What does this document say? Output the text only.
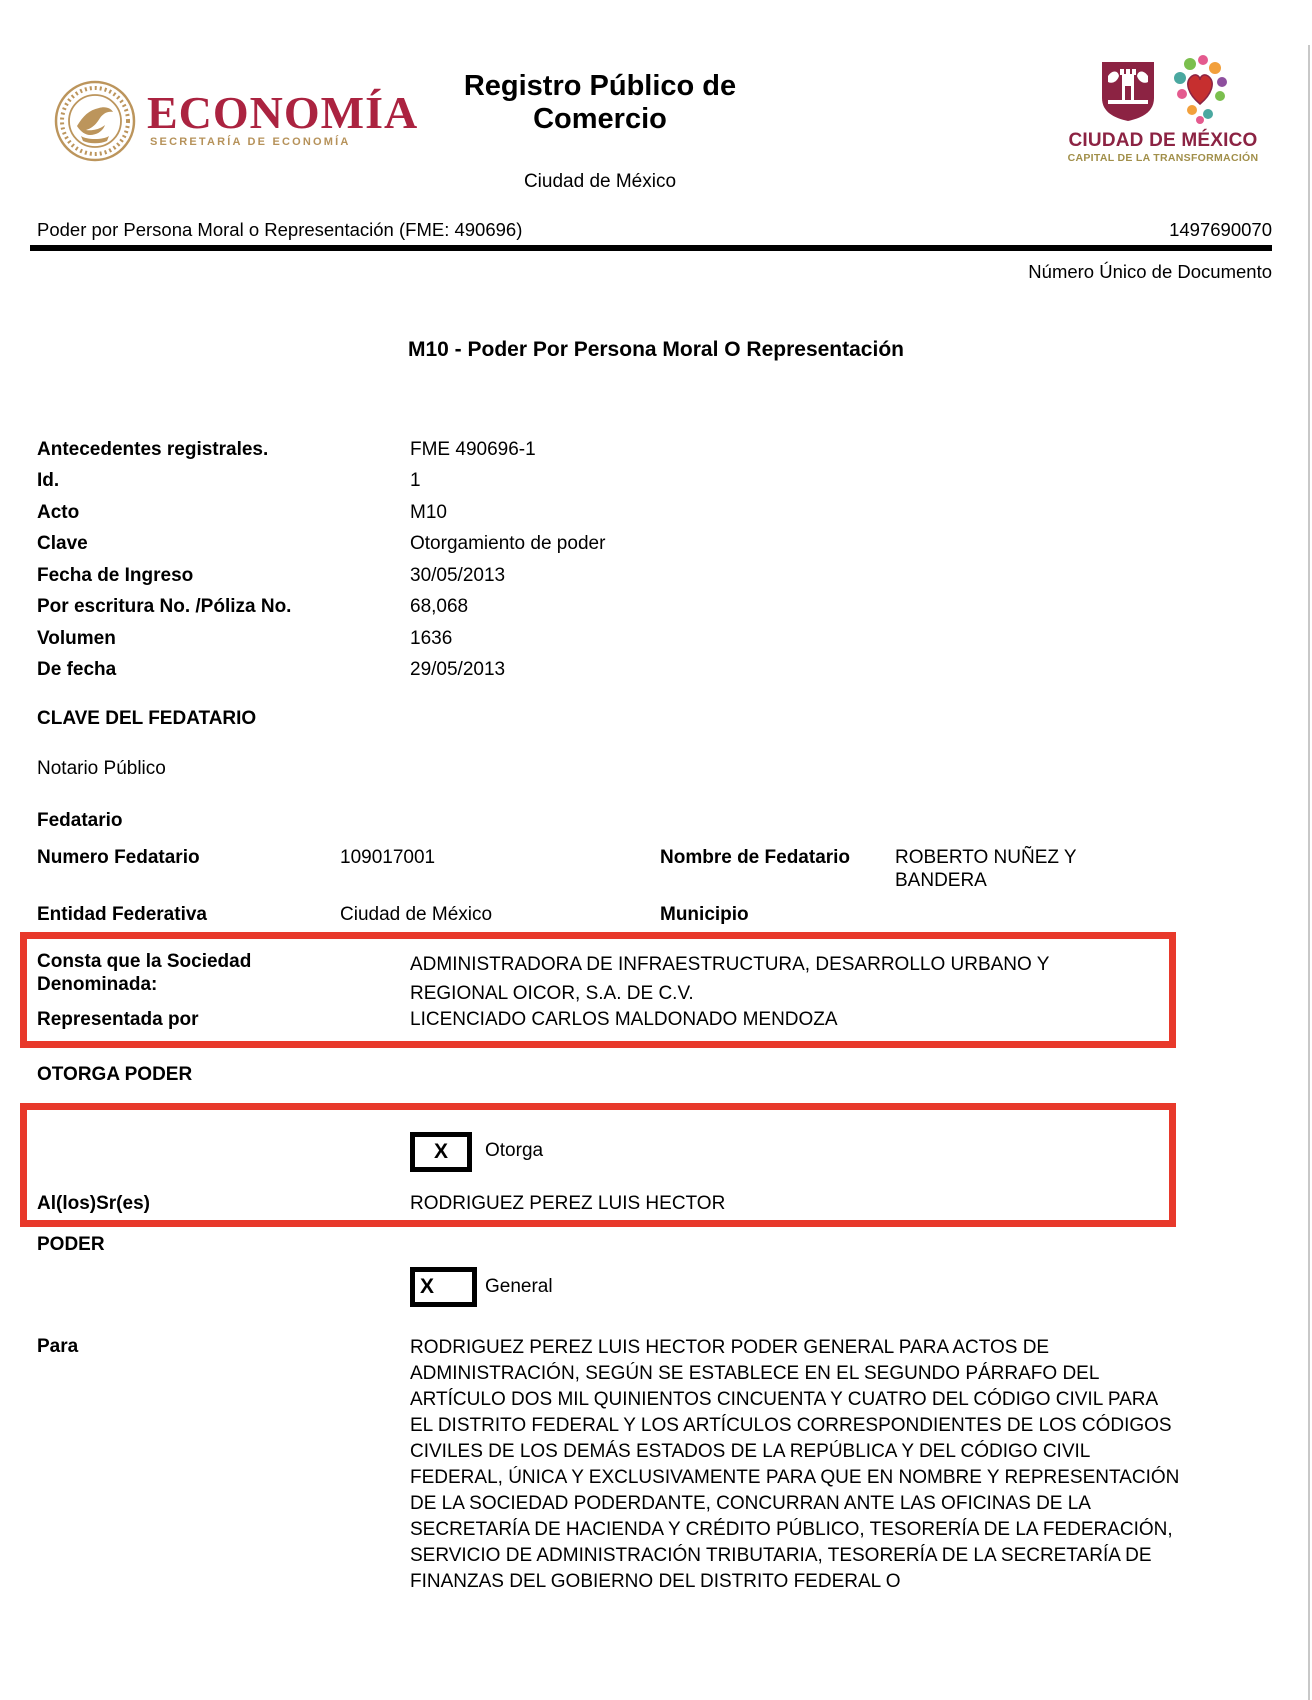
ECONOMÍA
SECRETARÍA DE ECONOMÍA
Registro Público de Comercio
Ciudad de México
CIUDAD DE MÉXICO
CAPITAL DE LA TRANSFORMACIÓN
Poder por Persona Moral o Representación (FME: 490696)	1497690070
Número Único de Documento
M10 - Poder Por Persona Moral O Representación
Antecedentes registrales.	FME 490696-1
Id.	1
Acto	M10
Clave	Otorgamiento de poder
Fecha de Ingreso	30/05/2013
Por escritura No. /Póliza No.	68,068
Volumen	1636
De fecha	29/05/2013
CLAVE DEL FEDATARIO
Notario Público
Fedatario
Numero Fedatario	109017001	Nombre de Fedatario	ROBERTO NUÑEZ Y BANDERA
Entidad Federativa	Ciudad de México	Municipio
Consta que la Sociedad Denominada:
ADMINISTRADORA DE INFRAESTRUCTURA, DESARROLLO URBANO Y REGIONAL OICOR, S.A. DE C.V.
Representada por	LICENCIADO CARLOS MALDONADO MENDOZA
OTORGA PODER
X	Otorga
Al(los)Sr(es)	RODRIGUEZ PEREZ LUIS HECTOR
PODER
X	General
Para	RODRIGUEZ PEREZ LUIS HECTOR PODER GENERAL PARA ACTOS DE ADMINISTRACIÓN, SEGÚN SE ESTABLECE EN EL SEGUNDO PÁRRAFO DEL ARTÍCULO DOS MIL QUINIENTOS CINCUENTA Y CUATRO DEL CÓDIGO CIVIL PARA EL DISTRITO FEDERAL Y LOS ARTÍCULOS CORRESPONDIENTES DE LOS CÓDIGOS CIVILES DE LOS DEMÁS ESTADOS DE LA REPÚBLICA Y DEL CÓDIGO CIVIL FEDERAL, ÚNICA Y EXCLUSIVAMENTE PARA QUE EN NOMBRE Y REPRESENTACIÓN DE LA SOCIEDAD PODERDANTE, CONCURRAN ANTE LAS OFICINAS DE LA SECRETARÍA DE HACIENDA Y CRÉDITO PÚBLICO, TESORERÍA DE LA FEDERACIÓN, SERVICIO DE ADMINISTRACIÓN TRIBUTARIA, TESORERÍA DE LA SECRETARÍA DE FINANZAS DEL GOBIERNO DEL DISTRITO FEDERAL O
